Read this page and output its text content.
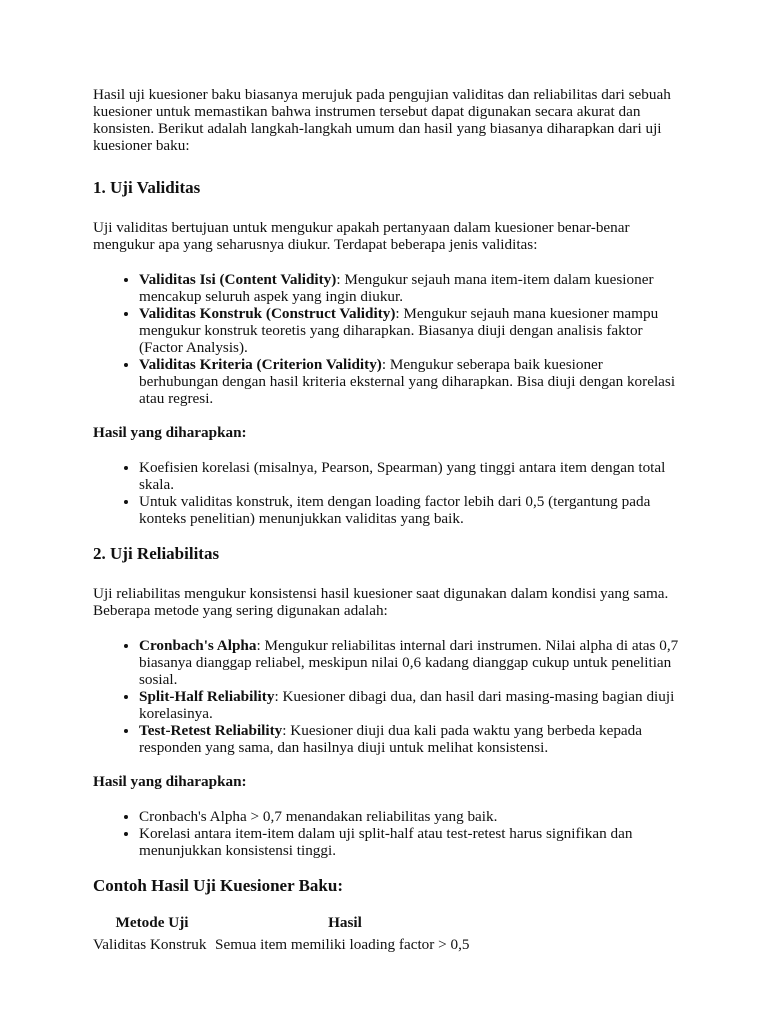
Hasil uji kuesioner baku biasanya merujuk pada pengujian validitas dan reliabilitas dari sebuah kuesioner untuk memastikan bahwa instrumen tersebut dapat digunakan secara akurat dan konsisten. Berikut adalah langkah-langkah umum dan hasil yang biasanya diharapkan dari uji kuesioner baku:

1. Uji Validitas

Uji validitas bertujuan untuk mengukur apakah pertanyaan dalam kuesioner benar-benar mengukur apa yang seharusnya diukur. Terdapat beberapa jenis validitas:

• Validitas Isi (Content Validity): Mengukur sejauh mana item-item dalam kuesioner mencakup seluruh aspek yang ingin diukur.
• Validitas Konstruk (Construct Validity): Mengukur sejauh mana kuesioner mampu mengukur konstruk teoretis yang diharapkan. Biasanya diuji dengan analisis faktor (Factor Analysis).
• Validitas Kriteria (Criterion Validity): Mengukur seberapa baik kuesioner berhubungan dengan hasil kriteria eksternal yang diharapkan. Bisa diuji dengan korelasi atau regresi.

Hasil yang diharapkan:

• Koefisien korelasi (misalnya, Pearson, Spearman) yang tinggi antara item dengan total skala.
• Untuk validitas konstruk, item dengan loading factor lebih dari 0,5 (tergantung pada konteks penelitian) menunjukkan validitas yang baik.
2. Uji Reliabilitas

Uji reliabilitas mengukur konsistensi hasil kuesioner saat digunakan dalam kondisi yang sama. Beberapa metode yang sering digunakan adalah:

• Cronbach's Alpha: Mengukur reliabilitas internal dari instrumen. Nilai alpha di atas 0,7 biasanya dianggap reliabel, meskipun nilai 0,6 kadang dianggap cukup untuk penelitian sosial.
• Split-Half Reliability: Kuesioner dibagi dua, dan hasil dari masing-masing bagian diuji korelasinya.
• Test-Retest Reliability: Kuesioner diuji dua kali pada waktu yang berbeda kepada responden yang sama, dan hasilnya diuji untuk melihat konsistensi.

Hasil yang diharapkan:

• Cronbach's Alpha > 0,7 menandakan reliabilitas yang baik.
• Korelasi antara item-item dalam uji split-half atau test-retest harus signifikan dan menunjukkan konsistensi tinggi.
Contoh Hasil Uji Kuesioner Baku:
Metode Uji	Hasil
Validitas Konstruk	Semua item memiliki loading factor > 0,5
